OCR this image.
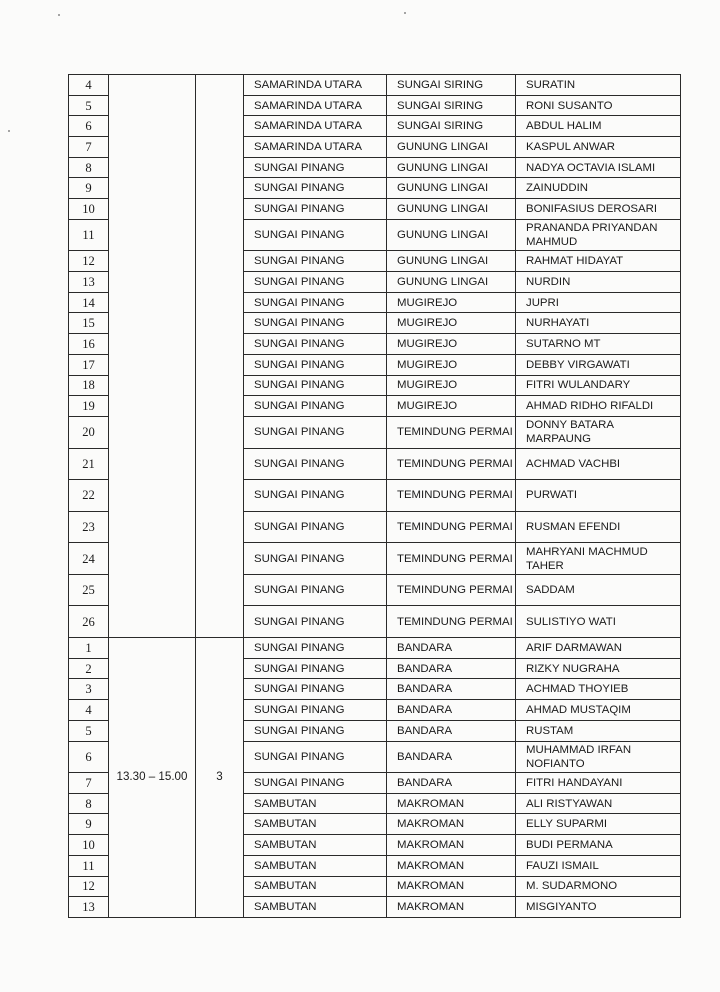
4			SAMARINDA UTARA	SUNGAI SIRING	SURATIN
5			SAMARINDA UTARA	SUNGAI SIRING	RONI SUSANTO
6			SAMARINDA UTARA	SUNGAI SIRING	ABDUL HALIM
7			SAMARINDA UTARA	GUNUNG LINGAI	KASPUL ANWAR
8			SUNGAI PINANG	GUNUNG LINGAI	NADYA OCTAVIA ISLAMI
9			SUNGAI PINANG	GUNUNG LINGAI	ZAINUDDIN
10			SUNGAI PINANG	GUNUNG LINGAI	BONIFASIUS DEROSARI
11			SUNGAI PINANG	GUNUNG LINGAI	PRANANDA PRIYANDAN MAHMUD
12			SUNGAI PINANG	GUNUNG LINGAI	RAHMAT HIDAYAT
13			SUNGAI PINANG	GUNUNG LINGAI	NURDIN
14			SUNGAI PINANG	MUGIREJO	JUPRI
15			SUNGAI PINANG	MUGIREJO	NURHAYATI
16			SUNGAI PINANG	MUGIREJO	SUTARNO MT
17			SUNGAI PINANG	MUGIREJO	DEBBY VIRGAWATI
18			SUNGAI PINANG	MUGIREJO	FITRI WULANDARY
19			SUNGAI PINANG	MUGIREJO	AHMAD RIDHO RIFALDI
20			SUNGAI PINANG	TEMINDUNG PERMAI	DONNY BATARA MARPAUNG
21			SUNGAI PINANG	TEMINDUNG PERMAI	ACHMAD VACHBI
22			SUNGAI PINANG	TEMINDUNG PERMAI	PURWATI
23			SUNGAI PINANG	TEMINDUNG PERMAI	RUSMAN EFENDI
24			SUNGAI PINANG	TEMINDUNG PERMAI	MAHRYANI MACHMUD TAHER
25			SUNGAI PINANG	TEMINDUNG PERMAI	SADDAM
26			SUNGAI PINANG	TEMINDUNG PERMAI	SULISTIYO WATI
1	13.30 – 15.00	3	SUNGAI PINANG	BANDARA	ARIF DARMAWAN
2			SUNGAI PINANG	BANDARA	RIZKY NUGRAHA
3			SUNGAI PINANG	BANDARA	ACHMAD THOYIEB
4			SUNGAI PINANG	BANDARA	AHMAD MUSTAQIM
5			SUNGAI PINANG	BANDARA	RUSTAM
6			SUNGAI PINANG	BANDARA	MUHAMMAD IRFAN NOFIANTO
7			SUNGAI PINANG	BANDARA	FITRI HANDAYANI
8			SAMBUTAN	MAKROMAN	ALI RISTYAWAN
9			SAMBUTAN	MAKROMAN	ELLY SUPARMI
10			SAMBUTAN	MAKROMAN	BUDI PERMANA
11			SAMBUTAN	MAKROMAN	FAUZI ISMAIL
12			SAMBUTAN	MAKROMAN	M. SUDARMONO
13			SAMBUTAN	MAKROMAN	MISGIYANTO
